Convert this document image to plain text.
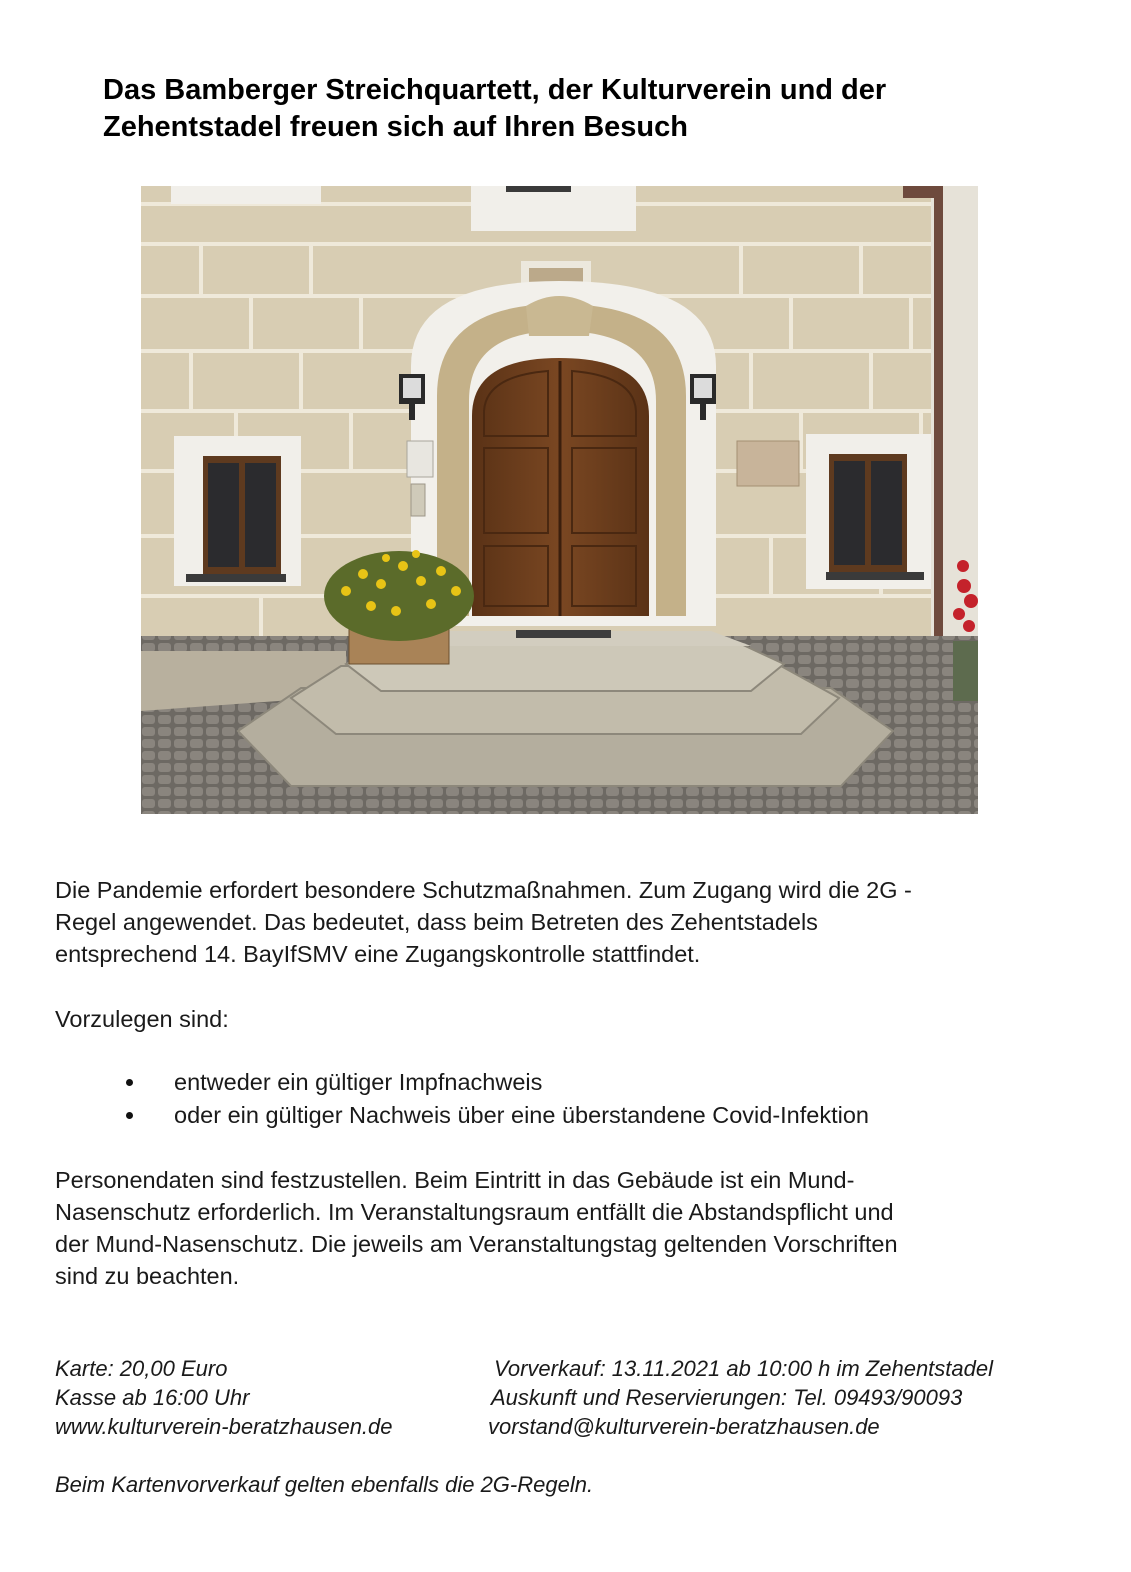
Das Bamberger Streichquartett, der Kulturverein und der
Zehentstadel freuen sich auf Ihren Besuch
Die Pandemie erfordert besondere Schutzmaßnahmen. Zum Zugang wird die 2G -
Regel angewendet. Das bedeutet, dass beim Betreten des Zehentstadels
entsprechend 14. BayIfSMV eine Zugangskontrolle stattfindet.
Vorzulegen sind:
entweder ein gültiger Impfnachweis
oder ein gültiger Nachweis über eine überstandene Covid-Infektion
Personendaten sind festzustellen. Beim Eintritt in das Gebäude ist ein Mund-
Nasenschutz erforderlich. Im Veranstaltungsraum entfällt die Abstandspflicht und
der Mund-Nasenschutz. Die jeweils am Veranstaltungstag geltenden Vorschriften
sind zu beachten.
Karte: 20,00 Euro
Kasse ab 16:00 Uhr
www.kulturverein-beratzhausen.de
Vorverkauf: 13.11.2021 ab 10:00 h im Zehentstadel
Auskunft und Reservierungen: Tel. 09493/90093
vorstand@kulturverein-beratzhausen.de
Beim Kartenvorverkauf gelten ebenfalls die 2G-Regeln.
